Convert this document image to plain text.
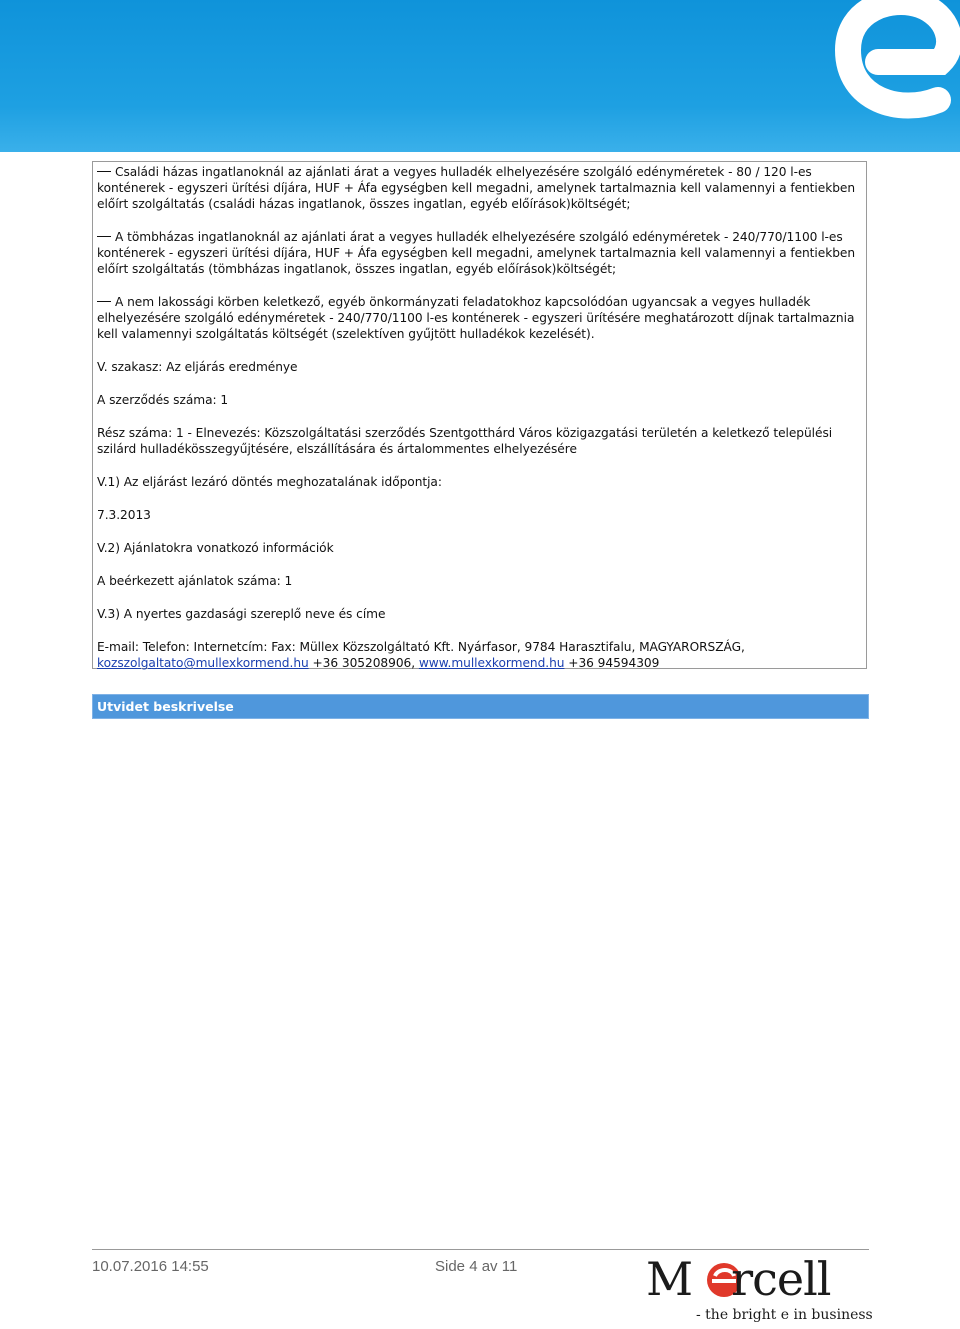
Családi házas ingatlanoknál az ajánlati árat a vegyes hulladék elhelyezésére szolgáló edényméretek - 80 / 120 l-es konténerek - egyszeri ürítési díjára, HUF + Áfa egységben kell megadni, amelynek tartalmaznia kell valamennyi a fentiekben előírt szolgáltatás (családi házas ingatlanok, összes ingatlan, egyéb előírások)költségét;

A tömbházas ingatlanoknál az ajánlati árat a vegyes hulladék elhelyezésére szolgáló edényméretek - 240/770/1100 l-es konténerek - egyszeri ürítési díjára, HUF + Áfa egységben kell megadni, amelynek tartalmaznia kell valamennyi a fentiekben előírt szolgáltatás (tömbházas ingatlanok, összes ingatlan, egyéb előírások)költségét;

A nem lakossági körben keletkező, egyéb önkormányzati feladatokhoz kapcsolódóan ugyancsak a vegyes hulladék elhelyezésére szolgáló edényméretek - 240/770/1100 l-es konténerek - egyszeri ürítésére meghatározott díjnak tartalmaznia kell valamennyi szolgáltatás költségét (szelektíven gyűjtött hulladékok kezelését).

V. szakasz: Az eljárás eredménye

A szerződés száma: 1

Rész száma: 1 - Elnevezés: Közszolgáltatási szerződés Szentgotthárd Város közigazgatási területén a keletkező települési szilárd hulladékösszegyűjtésére, elszállítására és ártalommentes elhelyezésére

V.1) Az eljárást lezáró döntés meghozatalának időpontja:

7.3.2013

V.2) Ajánlatokra vonatkozó információk

A beérkezett ajánlatok száma: 1

V.3) A nyertes gazdasági szereplő neve és címe

E-mail: Telefon: Internetcím: Fax: Müllex Közszolgáltató Kft. Nyárfasor, 9784 Harasztifalu, MAGYARORSZÁG,
kozszolgaltato@mullexkormend.hu +36 305208906, www.mullexkormend.hu +36 94594309

Utvidet beskrivelse
10.07.2016 14:55	Side 4 av 11	Mrcell
- the bright e in business
